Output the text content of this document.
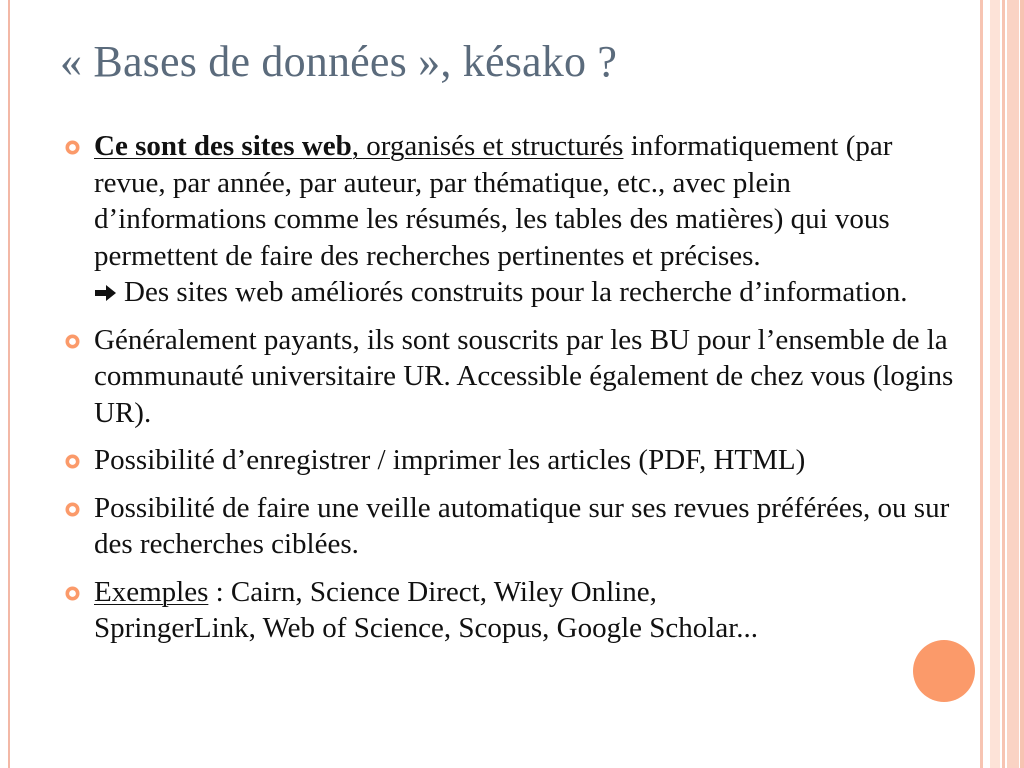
« Bases de données », késako ?
Ce sont des sites web, organisés et structurés informatiquement (par revue, par année, par auteur, par thématique, etc., avec plein d’informations comme les résumés, les tables des matières) qui vous permettent de faire des recherches pertinentes et précises.
Des sites web améliorés construits pour la recherche d’information.
Généralement payants, ils sont souscrits par les BU pour l’ensemble de la communauté universitaire UR. Accessible également de chez vous (logins UR).
Possibilité d’enregistrer / imprimer les articles (PDF, HTML)
Possibilité de faire une veille automatique sur ses revues préférées, ou sur des recherches ciblées.
Exemples : Cairn, Science Direct, Wiley Online,
SpringerLink, Web of Science, Scopus, Google Scholar...
